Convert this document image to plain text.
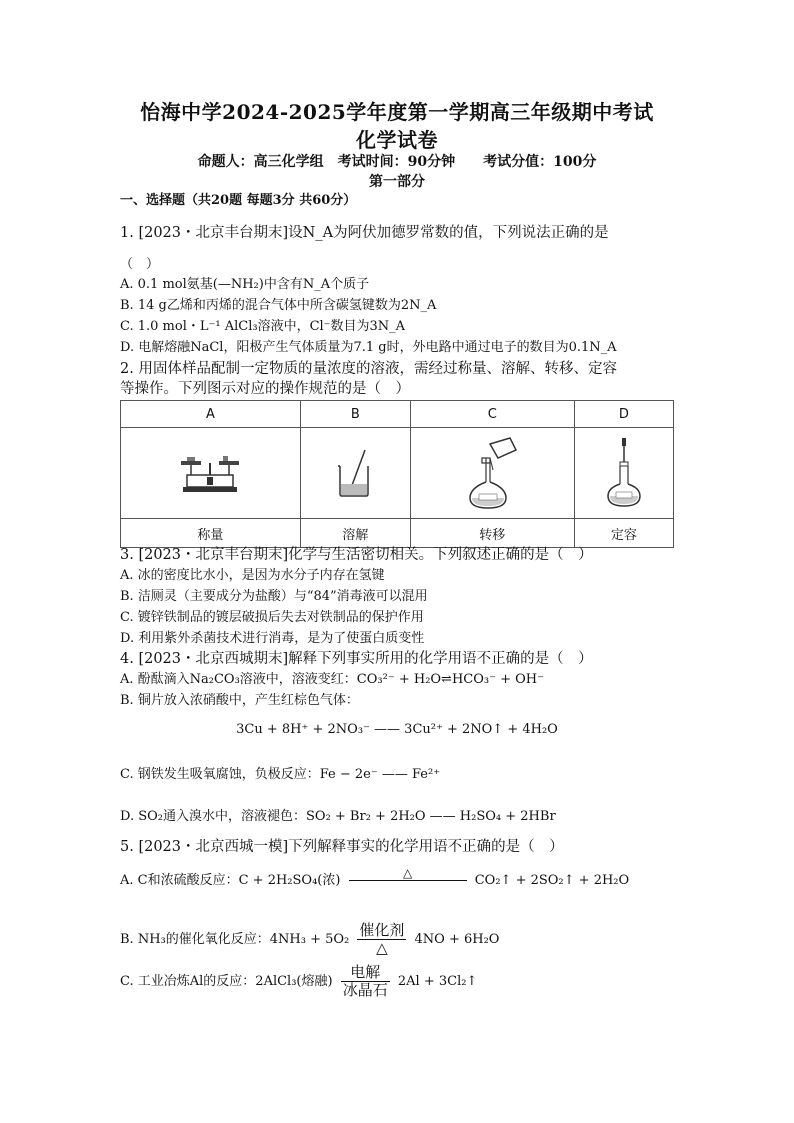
怡海中学2024-2025学年度第一学期高三年级期中考试
化学试卷
命题人：高三化学组　考试时间：90分钟　　考试分值：100分
第一部分
一、选择题（共20题 每题3分 共60分）
1. [2023・北京丰台期末]设N_A为阿伏加德罗常数的值，下列说法正确的是
（　）
A. 0.1 mol氨基(—NH₂)中含有N_A个质子
B. 14 g乙烯和丙烯的混合气体中所含碳氢键数为2N_A
C. 1.0 mol・L⁻¹ AlCl₃溶液中，Cl⁻数目为3N_A
D. 电解熔融NaCl，阳极产生气体质量为7.1 g时，外电路中通过电子的数目为0.1N_A
2. 用固体样品配制一定物质的量浓度的溶液，需经过称量、溶解、转移、定容
等操作。下列图示对应的操作规范的是（　）
A	B	C	D

称量	溶解	转移	定容
3. [2023・北京丰台期末]化学与生活密切相关。下列叙述正确的是（　）
A. 冰的密度比水小，是因为水分子内存在氢键
B. 洁厕灵（主要成分为盐酸）与“84”消毒液可以混用
C. 镀锌铁制品的镀层破损后失去对铁制品的保护作用
D. 利用紫外杀菌技术进行消毒，是为了使蛋白质变性
4. [2023・北京西城期末]解释下列事实所用的化学用语不正确的是（　）
A. 酚酞滴入Na₂CO₃溶液中，溶液变红：CO₃²⁻ + H₂O⇌HCO₃⁻ + OH⁻
B. 铜片放入浓硝酸中，产生红棕色气体：
3Cu + 8H⁺ + 2NO₃⁻ —— 3Cu²⁺ + 2NO↑ + 4H₂O
C. 钢铁发生吸氧腐蚀，负极反应：Fe − 2e⁻ —— Fe²⁺
D. SO₂通入溴水中，溶液褪色：SO₂ + Br₂ + 2H₂O —— H₂SO₄ + 2HBr
5. [2023・北京西城一模]下列解释事实的化学用语不正确的是（　）
A. C和浓硫酸反应：C + 2H₂SO₄(浓)	△
	CO₂↑ + 2SO₂↑ + 2H₂O
B. NH₃的催化氧化反应：$4NH_3 + 5O_2 \frac{\text{催化剂}}{\triangle} 4NO + 6H_2O$
C. 工业冶炼Al的反应：2AlCl₃(熔融) $\frac{\text{电解}}{\text{冰晶石}} 2Al$ + 3Cl₂↑
